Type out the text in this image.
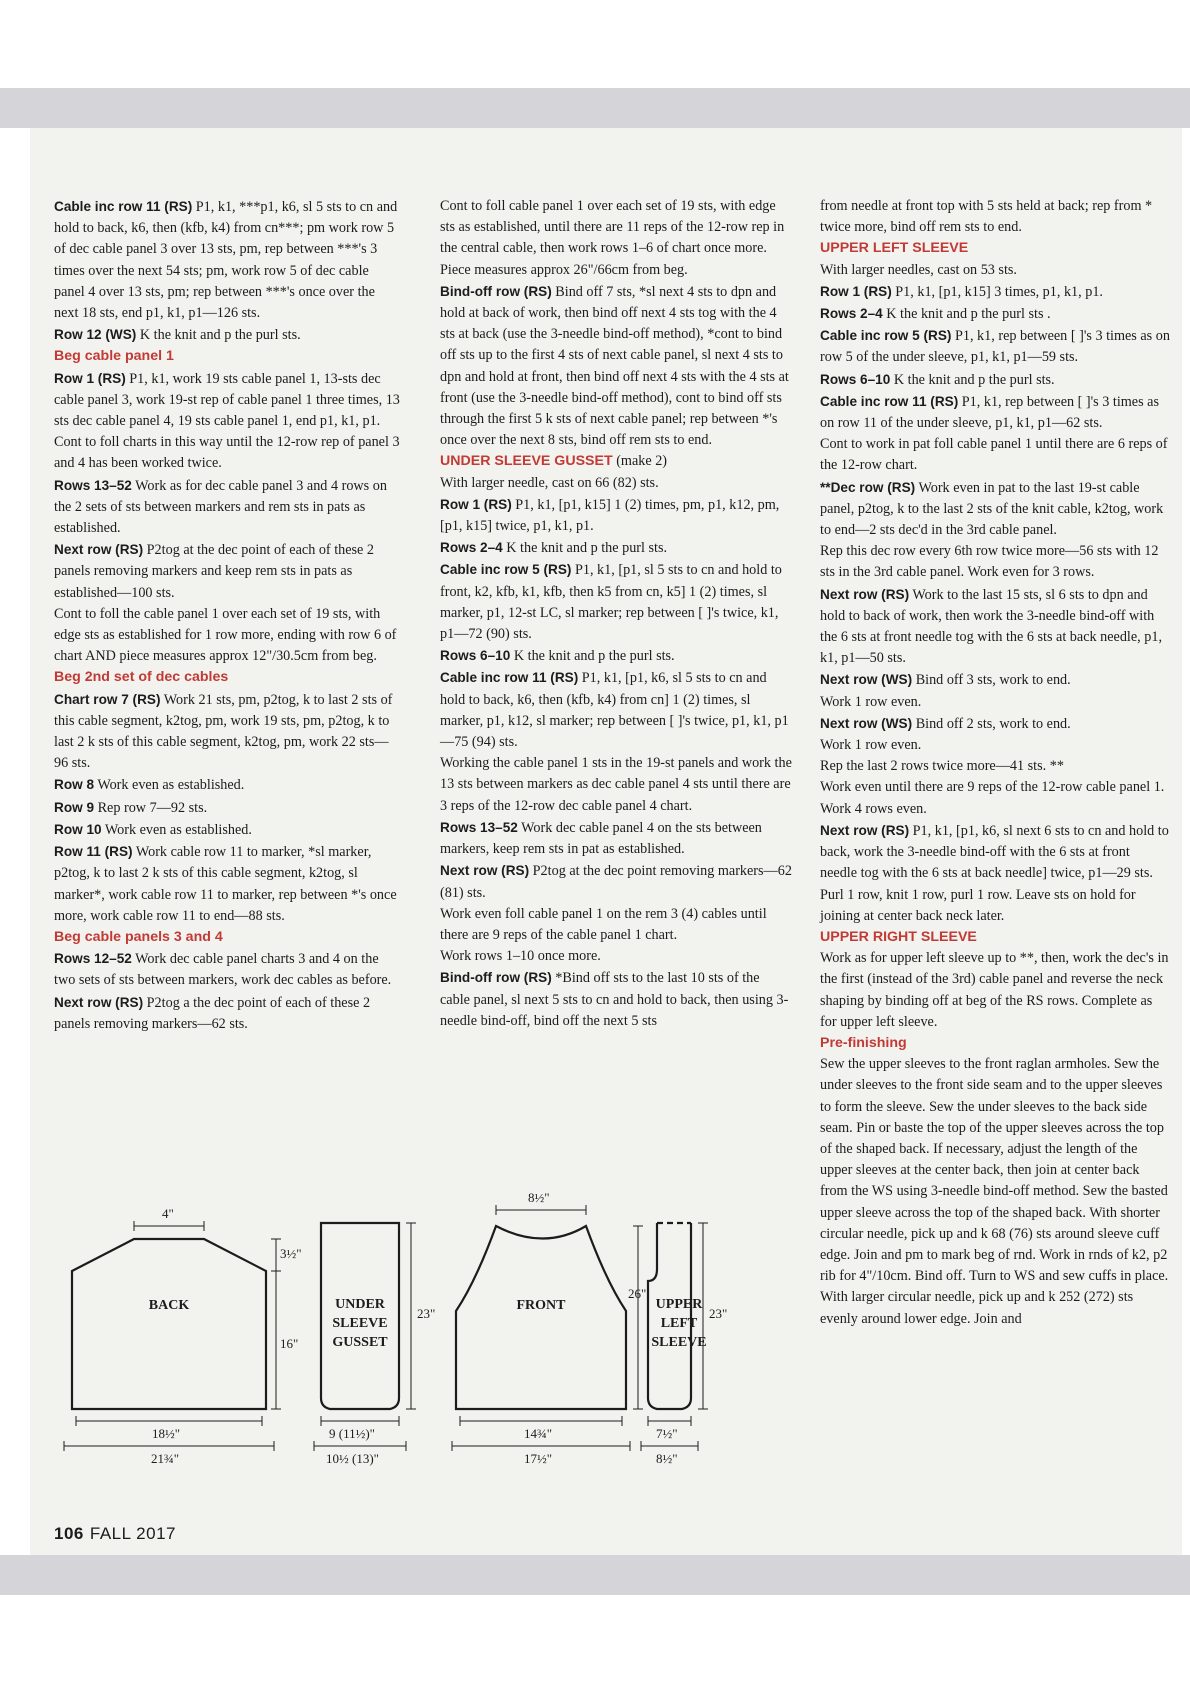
Cable inc row 11 (RS) P1, k1, ***p1, k6, sl 5 sts to cn and hold to back, k6, then (kfb, k4) from cn***; pm work row 5 of dec cable panel 3 over 13 sts, pm, rep between ***'s 3 times over the next 54 sts; pm, work row 5 of dec cable panel 4 over 13 sts, pm; rep between ***'s once over the next 18 sts, end p1, k1, p1—126 sts.

Row 12 (WS) K the knit and p the purl sts.

Beg cable panel 1

Row 1 (RS) P1, k1, work 19 sts cable panel 1, 13-sts dec cable panel 3, work 19-st rep of cable panel 1 three times, 13 sts dec cable panel 4, 19 sts cable panel 1, end p1, k1, p1.

Cont to foll charts in this way until the 12-row rep of panel 3 and 4 has been worked twice.

Rows 13–52 Work as for dec cable panel 3 and 4 rows on the 2 sets of sts between markers and rem sts in pats as established.

Next row (RS) P2tog at the dec point of each of these 2 panels removing markers and keep rem sts in pats as established—100 sts.

Cont to foll the cable panel 1 over each set of 19 sts, with edge sts as established for 1 row more, ending with row 6 of chart AND piece measures approx 12"/30.5cm from beg.

Beg 2nd set of dec cables

Chart row 7 (RS) Work 21 sts, pm, p2tog, k to last 2 sts of this cable segment, k2tog, pm, work 19 sts, pm, p2tog, k to last 2 k sts of this cable segment, k2tog, pm, work 22 sts—96 sts.

Row 8 Work even as established.

Row 9 Rep row 7—92 sts.

Row 10 Work even as established.

Row 11 (RS) Work cable row 11 to marker, *sl marker, p2tog, k to last 2 k sts of this cable segment, k2tog, sl marker*, work cable row 11 to marker, rep between *'s once more, work cable row 11 to end—88 sts.

Beg cable panels 3 and 4

Rows 12–52 Work dec cable panel charts 3 and 4 on the two sets of sts between markers, work dec cables as before.

Next row (RS) P2tog a the dec point of each of these 2 panels removing markers—62 sts.

Cont to foll cable panel 1 over each set of 19 sts, with edge sts as established, until there are 11 reps of the 12-row rep in the central cable, then work rows 1–6 of chart once more. Piece measures approx 26"/66cm from beg.

Bind-off row (RS) Bind off 7 sts, *sl next 4 sts to dpn and hold at back of work, then bind off next 4 sts tog with the 4 sts at back (use the 3-needle bind-off method), *cont to bind off sts up to the first 4 sts of next cable panel, sl next 4 sts to dpn and hold at front, then bind off next 4 sts with the 4 sts at front (use the 3-needle bind-off method), cont to bind off sts through the first 5 k sts of next cable panel; rep between *'s once over the next 8 sts, bind off rem sts to end.

UNDER SLEEVE GUSSET (make 2)

With larger needle, cast on 66 (82) sts.

Row 1 (RS) P1, k1, [p1, k15] 1 (2) times, pm, p1, k12, pm, [p1, k15] twice, p1, k1, p1.

Rows 2–4 K the knit and p the purl sts.

Cable inc row 5 (RS) P1, k1, [p1, sl 5 sts to cn and hold to front, k2, kfb, k1, kfb, then k5 from cn, k5] 1 (2) times, sl marker, p1, 12-st LC, sl marker; rep between [ ]'s twice, k1, p1—72 (90) sts.

Rows 6–10 K the knit and p the purl sts.

Cable inc row 11 (RS) P1, k1, [p1, k6, sl 5 sts to cn and hold to back, k6, then (kfb, k4) from cn] 1 (2) times, sl marker, p1, k12, sl marker; rep between [ ]'s twice, p1, k1, p1—75 (94) sts.

Working the cable panel 1 sts in the 19-st panels and work the 13 sts between markers as dec cable panel 4 sts until there are 3 reps of the 12-row dec cable panel 4 chart.

Rows 13–52 Work dec cable panel 4 on the sts between markers, keep rem sts in pat as established.

Next row (RS) P2tog at the dec point removing markers—62 (81) sts.

Work even foll cable panel 1 on the rem 3 (4) cables until there are 9 reps of the cable panel 1 chart.

Work rows 1–10 once more.

Bind-off row (RS) *Bind off sts to the last 10 sts of the cable panel, sl next 5 sts to cn and hold to back, then using 3-needle bind-off, bind off the next 5 sts

from needle at front top with 5 sts held at back; rep from * twice more, bind off rem sts to end.

UPPER LEFT SLEEVE

With larger needles, cast on 53 sts.

Row 1 (RS) P1, k1, [p1, k15] 3 times, p1, k1, p1.

Rows 2–4 K the knit and p the purl sts .

Cable inc row 5 (RS) P1, k1, rep between [ ]'s 3 times as on row 5 of the under sleeve, p1, k1, p1—59 sts.

Rows 6–10 K the knit and p the purl sts.

Cable inc row 11 (RS) P1, k1, rep between [ ]'s 3 times as on row 11 of the under sleeve, p1, k1, p1—62 sts.

Cont to work in pat foll cable panel 1 until there are 6 reps of the 12-row chart.

**Dec row (RS) Work even in pat to the last 19-st cable panel, p2tog, k to the last 2 sts of the knit cable, k2tog, work to end—2 sts dec'd in the 3rd cable panel.

Rep this dec row every 6th row twice more—56 sts with 12 sts in the 3rd cable panel. Work even for 3 rows.

Next row (RS) Work to the last 15 sts, sl 6 sts to dpn and hold to back of work, then work the 3-needle bind-off with the 6 sts at front needle tog with the 6 sts at back needle, p1, k1, p1—50 sts.

Next row (WS) Bind off 3 sts, work to end.

Work 1 row even.

Next row (WS) Bind off 2 sts, work to end.

Work 1 row even.

Rep the last 2 rows twice more—41 sts. **

Work even until there are 9 reps of the 12-row cable panel 1. Work 4 rows even.

Next row (RS) P1, k1, [p1, k6, sl next 6 sts to cn and hold to back, work the 3-needle bind-off with the 6 sts at front needle tog with the 6 sts at back needle] twice, p1—29 sts.

Purl 1 row, knit 1 row, purl 1 row. Leave sts on hold for joining at center back neck later.

UPPER RIGHT SLEEVE

Work as for upper left sleeve up to **, then, work the dec's in the first (instead of the 3rd) cable panel and reverse the neck shaping by binding off at beg of the RS rows. Complete as for upper left sleeve.

Pre-finishing

Sew the upper sleeves to the front raglan armholes. Sew the under sleeves to the front side seam and to the upper sleeves to form the sleeve. Sew the under sleeves to the back side seam. Pin or baste the top of the upper sleeves across the top of the shaped back. If necessary, adjust the length of the upper sleeves at the center back, then join at center back from the WS using 3-needle bind-off method. Sew the basted upper sleeve across the top of the shaped back. With shorter circular needle, pick up and k 68 (76) sts around sleeve cuff edge. Join and pm to mark beg of rnd. Work in rnds of k2, p2 rib for 4"/10cm. Bind off. Turn to WS and sew cuffs in place. With larger circular needle, pick up and k 252 (272) sts evenly around lower edge. Join and

BACK
4"
3½"
16"
18½"
21¾"
UNDER
SLEEVE
GUSSET
23"
9 (11½)"
10½ (13)"
FRONT
8½"
26"
14¾"
17½"
UPPER
LEFT
SLEEVE
23"
7½"
8½"
106 FALL 2017
